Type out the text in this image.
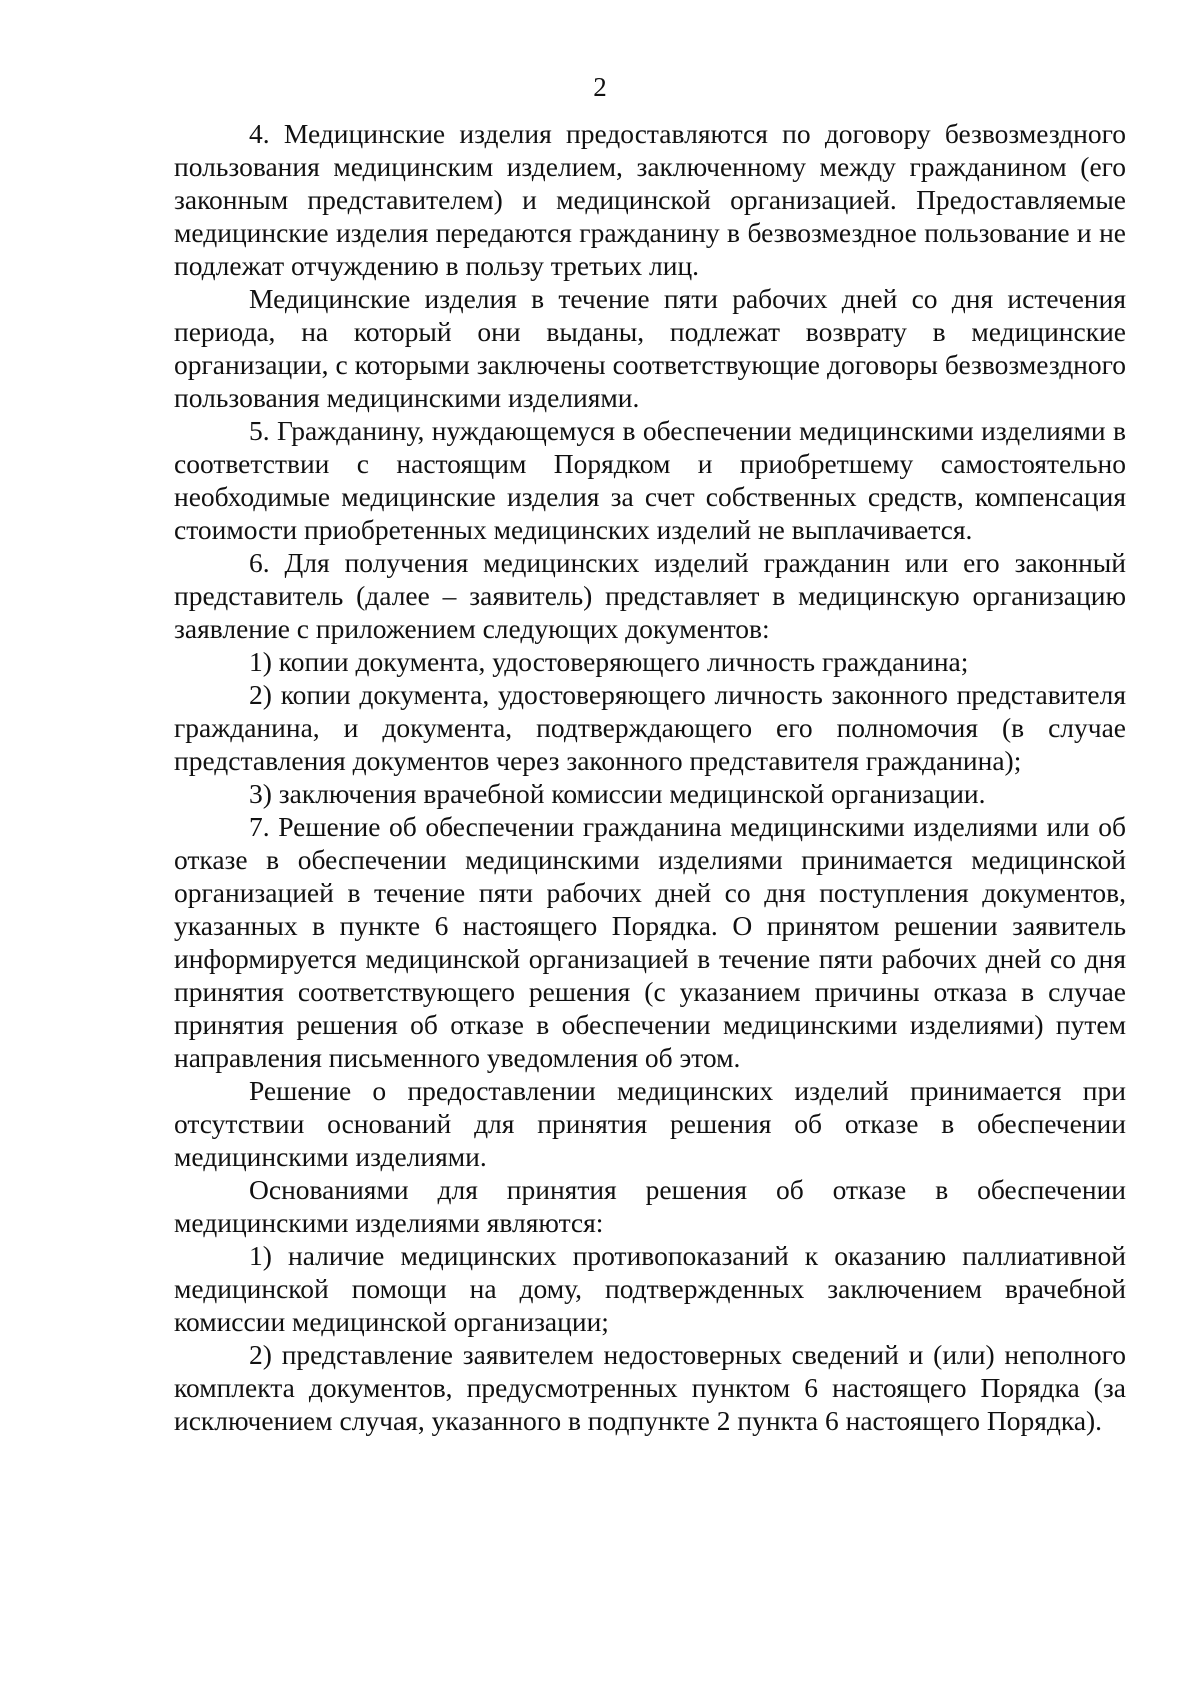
2

4. Медицинские изделия предоставляются по договору безвозмездного пользования медицинским изделием, заключенному между гражданином (его законным представителем) и медицинской организацией. Предоставляемые медицинские изделия передаются гражданину в безвозмездное пользование и не подлежат отчуждению в пользу третьих лиц.

Медицинские изделия в течение пяти рабочих дней со дня истечения периода, на который они выданы, подлежат возврату в медицинские организации, с которыми заключены соответствующие договоры безвозмездного пользования медицинскими изделиями.

5. Гражданину, нуждающемуся в обеспечении медицинскими изделиями в соответствии с настоящим Порядком и приобретшему самостоятельно необходимые медицинские изделия за счет собственных средств, компенсация стоимости приобретенных медицинских изделий не выплачивается.

6. Для получения медицинских изделий гражданин или его законный представитель (далее – заявитель) представляет в медицинскую организацию заявление с приложением следующих документов:

1) копии документа, удостоверяющего личность гражданина;

2) копии документа, удостоверяющего личность законного представителя гражданина, и документа, подтверждающего его полномочия (в случае представления документов через законного представителя гражданина);

3) заключения врачебной комиссии медицинской организации.

7. Решение об обеспечении гражданина медицинскими изделиями или об отказе в обеспечении медицинскими изделиями принимается медицинской организацией в течение пяти рабочих дней со дня поступления документов, указанных в пункте 6 настоящего Порядка. О принятом решении заявитель информируется медицинской организацией в течение пяти рабочих дней со дня принятия соответствующего решения (с указанием причины отказа в случае принятия решения об отказе в обеспечении медицинскими изделиями) путем направления письменного уведомления об этом.

Решение о предоставлении медицинских изделий принимается при отсутствии оснований для принятия решения об отказе в обеспечении медицинскими изделиями.

Основаниями для принятия решения об отказе в обеспечении медицинскими изделиями являются:

1) наличие медицинских противопоказаний к оказанию паллиативной медицинской помощи на дому, подтвержденных заключением врачебной комиссии медицинской организации;

2) представление заявителем недостоверных сведений и (или) неполного комплекта документов, предусмотренных пунктом 6 настоящего Порядка (за исключением случая, указанного в подпункте 2 пункта 6 настоящего Порядка).
